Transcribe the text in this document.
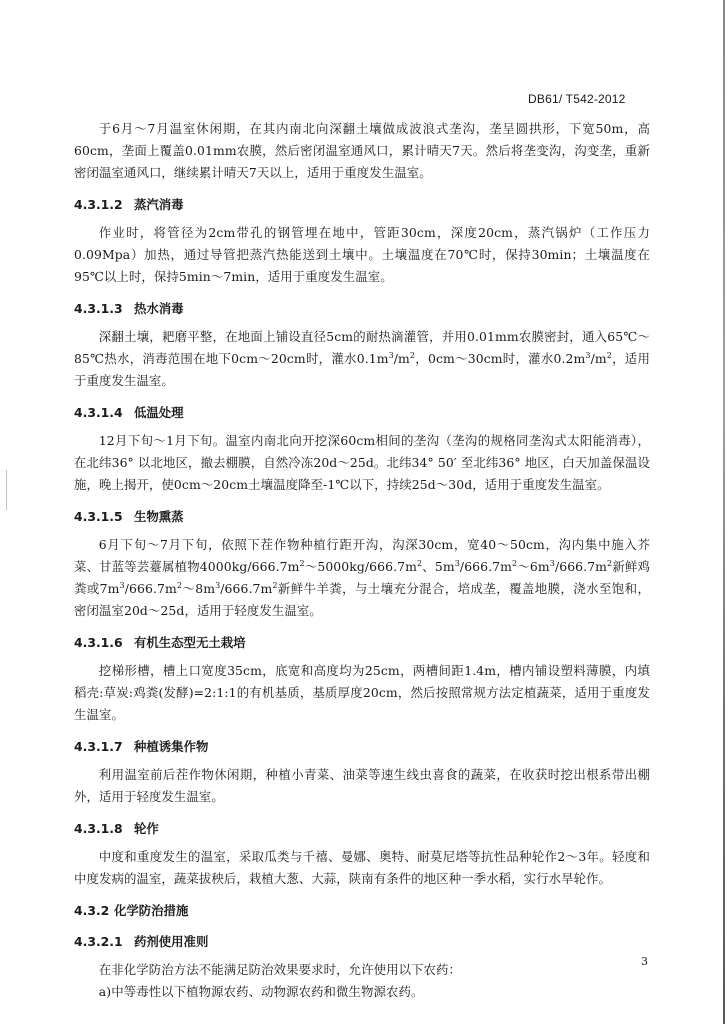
DB61/ T542-2012

于6月～7月温室休闲期，在其内南北向深翻土壤做成波浪式垄沟，垄呈圆拱形，下宽50m，高60cm，垄面上覆盖0.01mm农膜，然后密闭温室通风口，累计晴天7天。然后将垄变沟，沟变垄，重新密闭温室通风口，继续累计晴天7天以上，适用于重度发生温室。

4.3.1.2 蒸汽消毒

作业时，将管径为2cm带孔的钢管埋在地中，管距30cm，深度20cm，蒸汽锅炉（工作压力0.09Mpa）加热，通过导管把蒸汽热能送到土壤中。土壤温度在70℃时，保持30min；土壤温度在95℃以上时，保持5min～7min，适用于重度发生温室。

4.3.1.3 热水消毒

深翻土壤，耙磨平整，在地面上铺设直径5cm的耐热滴灌管，并用0.01mm农膜密封，通入65℃～85℃热水，消毒范围在地下0cm～20cm时，灌水$0.1m^3/m^2$，0cm～30cm时，灌水$0.2m^3/m^2$，适用于重度发生温室。

4.3.1.4 低温处理

12月下旬～1月下旬。温室内南北向开挖深60cm相间的垄沟（垄沟的规格同垄沟式太阳能消毒），在北纬36° 以北地区，撤去棚膜，自然冷冻20d～25d。北纬34° 50′ 至北纬36° 地区，白天加盖保温设施，晚上揭开，使0cm～20cm土壤温度降至-1℃以下，持续25d～30d，适用于重度发生温室。

4.3.1.5 生物熏蒸

6月下旬～7月下旬，依照下茬作物种植行距开沟，沟深30cm，宽40～50cm，沟内集中施入芥菜、甘蓝等芸薹属植物$4000kg/666.7m^2\sim 5000kg/666.7m^2$、$5m^3/666.7m^2\sim 6m^3/666.7m^2$新鲜鸡粪或$7m^3/666.7m^2\sim 8m^3/666.7m^2$新鲜牛羊粪，与土壤充分混合，培成垄，覆盖地膜，浇水至饱和，密闭温室20d～25d，适用于轻度发生温室。

4.3.1.6 有机生态型无土栽培

挖梯形槽，槽上口宽度35cm，底宽和高度均为25cm，两槽间距1.4m，槽内铺设塑料薄膜，内填稻壳:草炭:鸡粪(发酵)=2:1:1的有机基质，基质厚度20cm，然后按照常规方法定植蔬菜，适用于重度发生温室。

4.3.1.7 种植诱集作物

利用温室前后茬作物休闲期，种植小青菜、油菜等速生线虫喜食的蔬菜，在收获时挖出根系带出棚外，适用于轻度发生温室。

4.3.1.8 轮作

中度和重度发生的温室，采取瓜类与千禧、曼娜、奥特、耐莫尼塔等抗性品种轮作2～3年。轻度和中度发病的温室，蔬菜拔秧后，栽植大葱、大蒜，陕南有条件的地区种一季水稻，实行水旱轮作。

4.3.2 化学防治措施
4.3.2.1 药剂使用准则

在非化学防治方法不能满足防治效果要求时，允许使用以下农药：

a)中等毒性以下植物源农药、动物源农药和微生物源农药。

3
